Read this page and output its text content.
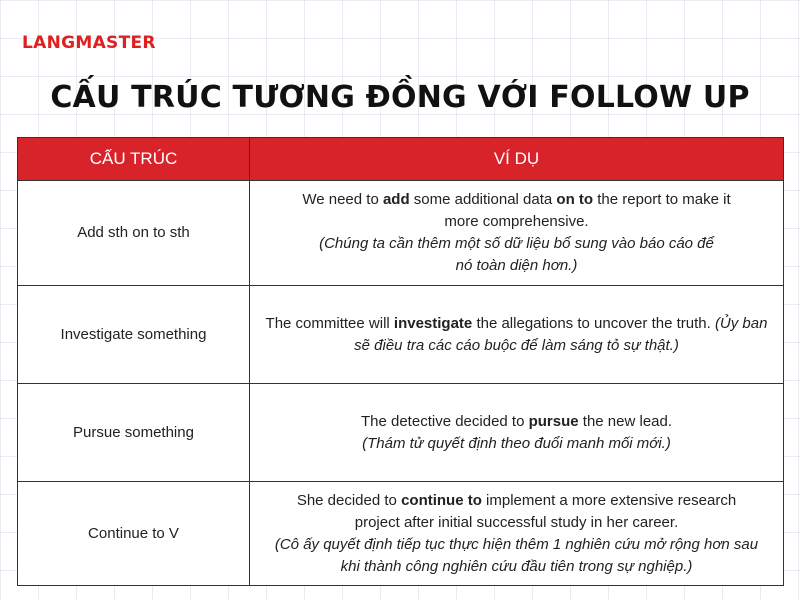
LANGMASTER
CẤU TRÚC TƯƠNG ĐỒNG VỚI FOLLOW UP
CẤU TRÚC	VÍ DỤ
Add sth on to sth	We need to add some additional data on to the report to make it more comprehensive.
(Chúng ta cần thêm một số dữ liệu bổ sung vào báo cáo để nó toàn diện hơn.)

Investigate something	The committee will investigate the allegations to uncover the truth. (Ủy ban sẽ điều tra các cáo buộc để làm sáng tỏ sự thật.)

Pursue something	The detective decided to pursue the new lead.
(Thám tử quyết định theo đuổi manh mối mới.)

Continue to V	She decided to continue to implement a more extensive research project after initial successful study in her career.
(Cô ấy quyết định tiếp tục thực hiện thêm 1 nghiên cứu mở rộng hơn sau khi thành công nghiên cứu đầu tiên trong sự nghiệp.)
